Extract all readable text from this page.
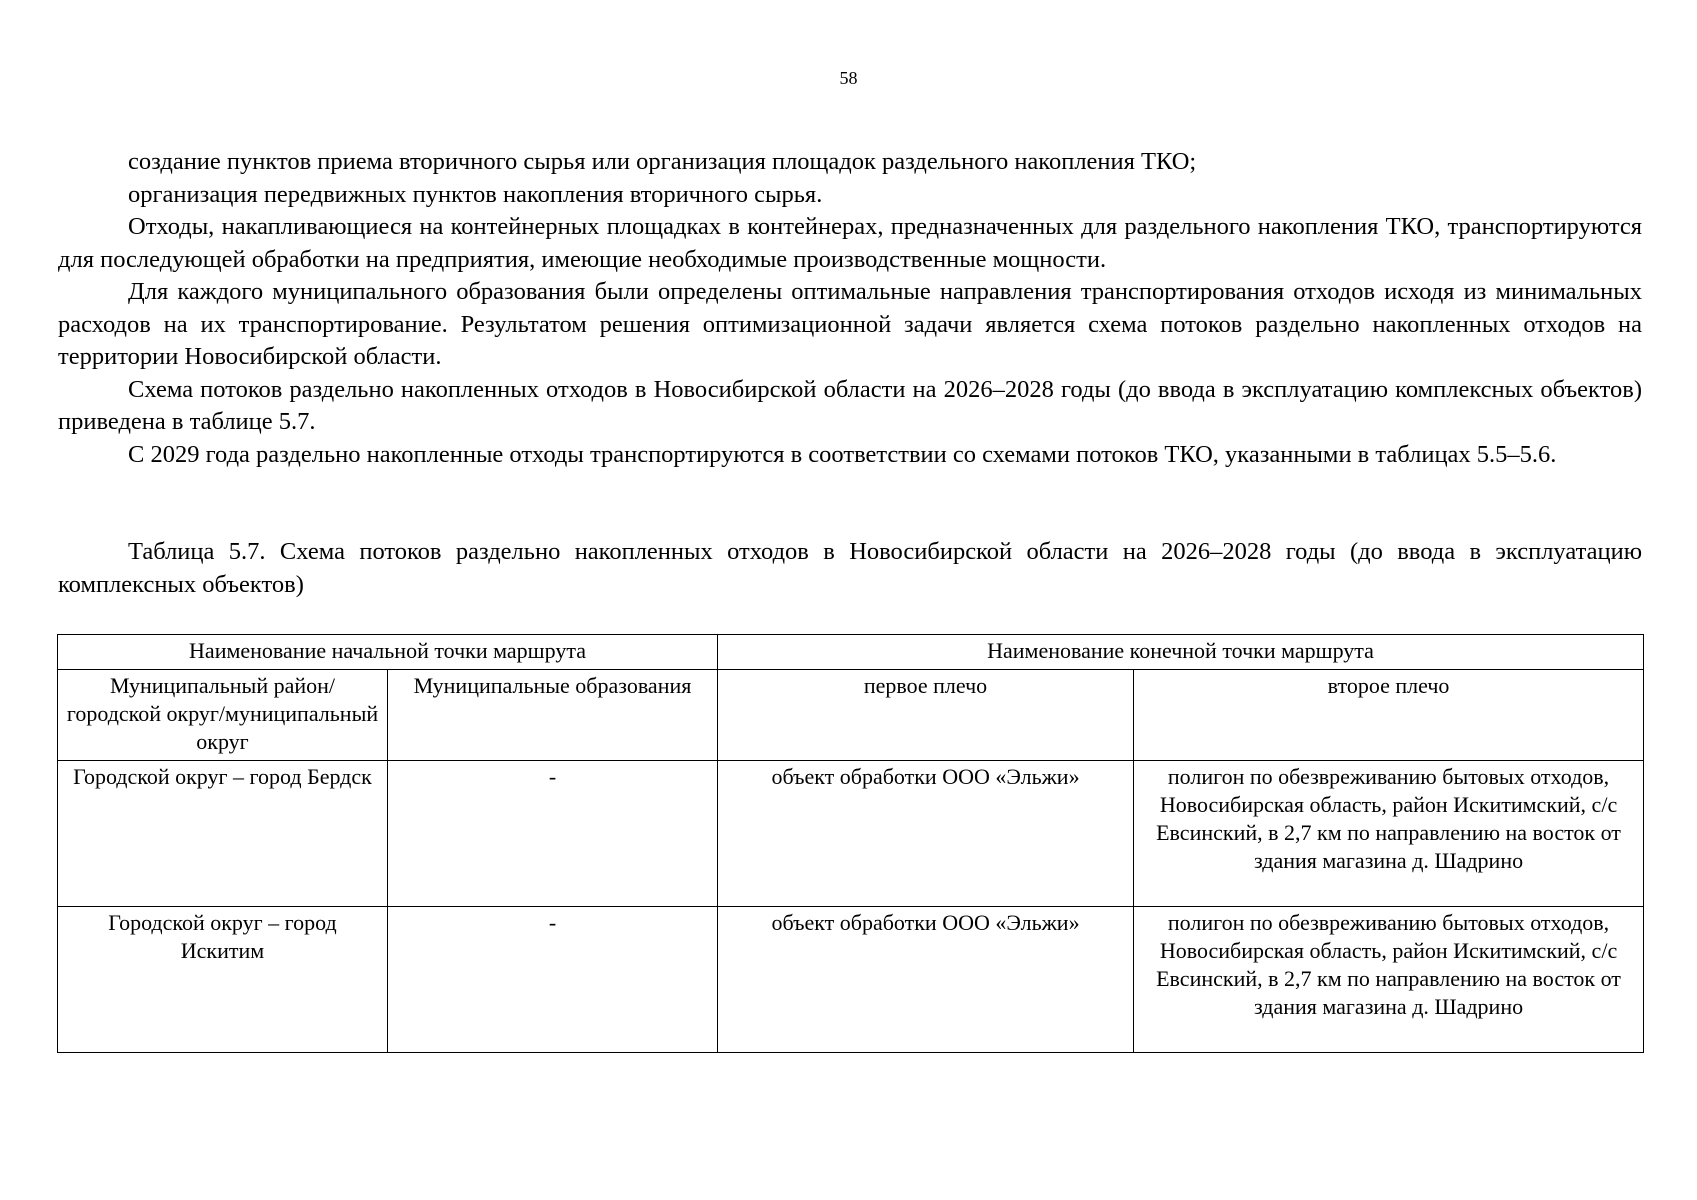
58

создание пунктов приема вторичного сырья или организация площадок раздельного накопления ТКО;

организация передвижных пунктов накопления вторичного сырья.

Отходы, накапливающиеся на контейнерных площадках в контейнерах, предназначенных для раздельного накопления ТКО, транспортируются для последующей обработки на предприятия, имеющие необходимые производственные мощности.

Для каждого муниципального образования были определены оптимальные направления транспортирования отходов исходя из минимальных расходов на их транспортирование. Результатом решения оптимизационной задачи является схема потоков раздельно накопленных отходов на территории Новосибирской области.

Схема потоков раздельно накопленных отходов в Новосибирской области на 2026–2028 годы (до ввода в эксплуатацию комплексных объектов) приведена в таблице 5.7.

С 2029 года раздельно накопленные отходы транспортируются в соответствии со схемами потоков ТКО, указанными в таблицах 5.5–5.6.

Таблица 5.7. Схема потоков раздельно накопленных отходов в Новосибирской области на 2026–2028 годы (до ввода в эксплуатацию комплексных объектов)

Наименование начальной точки маршрута		Наименование конечной точки маршрута	
Муниципальный район/городской округ/муниципальный округ	Муниципальные образования	первое плечо	второе плечо
Городской округ – город Бердск	-	объект обработки ООО «Эльжи»	полигон по обезвреживанию бытовых отходов, Новосибирская область, район Искитимский, с/с Евсинский, в 2,7 км по направлению на восток от здания магазина д. Шадрино
Городской округ – город Искитим	-	объект обработки ООО «Эльжи»	полигон по обезвреживанию бытовых отходов, Новосибирская область, район Искитимский, с/с Евсинский, в 2,7 км по направлению на восток от здания магазина д. Шадрино
